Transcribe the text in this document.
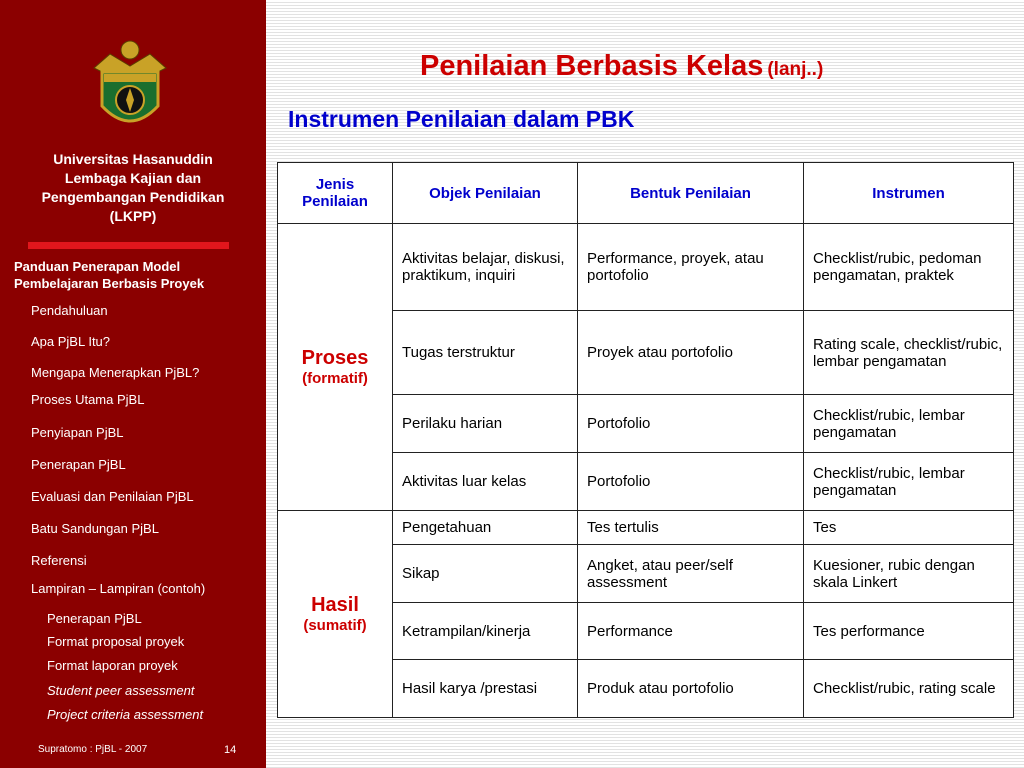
Universitas Hasanuddin
Lembaga Kajian dan
Pengembangan Pendidikan
(LKPP)
Panduan Penerapan Model
Pembelajaran Berbasis Proyek
Pendahuluan
Apa PjBL Itu?
Mengapa Menerapkan PjBL?
Proses Utama PjBL
Penyiapan PjBL
Penerapan PjBL
Evaluasi dan Penilaian PjBL
Batu Sandungan PjBL
Referensi
Lampiran – Lampiran (contoh)
Penerapan PjBL
Format proposal proyek
Format laporan proyek
Student peer assessment
Project criteria assessment
Supratomo : PjBL - 2007	14
Penilaian Berbasis Kelas (lanj..)
Instrumen Penilaian dalam PBK
Jenis Penilaian	Objek Penilaian	Bentuk Penilaian	Instrumen

Proses
(formatif)	Aktivitas belajar, diskusi, praktikum, inquiri	Performance, proyek, atau portofolio	Checklist/rubic, pedoman pengamatan, praktek
	Tugas terstruktur	Proyek atau portofolio	Rating scale, checklist/rubic, lembar pengamatan
	Perilaku harian	Portofolio	Checklist/rubic, lembar pengamatan
	Aktivitas luar kelas	Portofolio	Checklist/rubic, lembar pengamatan

Hasil
(sumatif)	Pengetahuan	Tes tertulis	Tes
	Sikap	Angket, atau peer/self assessment	Kuesioner, rubic dengan skala Linkert
	Ketrampilan/kinerja	Performance	Tes performance
	Hasil karya /prestasi	Produk atau portofolio	Checklist/rubic, rating scale
